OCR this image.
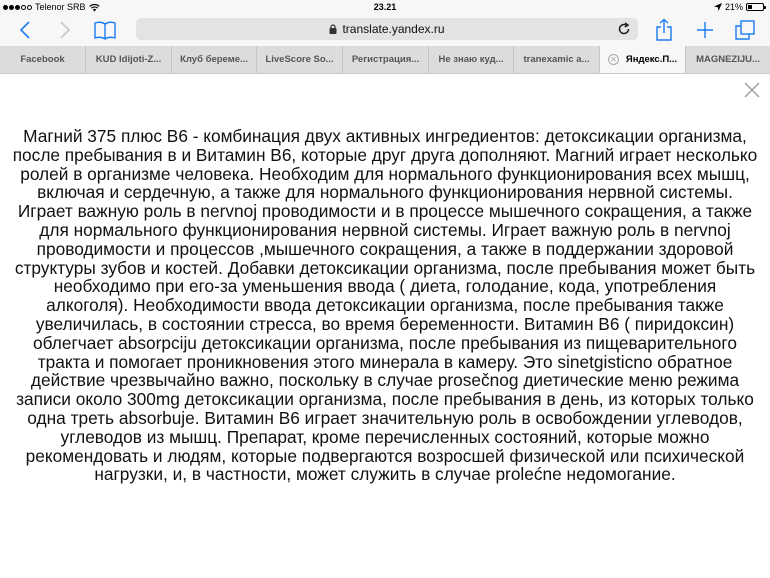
Telenor SRB	23.21	21%
translate.yandex.ru
Facebook	KUD Idijoti-Z... Клуб береме... LiveScore So... Регистрация... Не знаю куд... tranexamic a...	✕ Яндекс.П... MAGNEZIJU...

Магний 375 плюс B6 - комбинация двух активных ингредиентов: детоксикации организма, после пребывания в и Витамин B6, которые друг друга дополняют. Магний играет несколько ролей в организме человека. Необходим для нормального функционирования всех мышц, включая и сердечную, а также для нормального функционирования нервной системы. Играет важную роль в nervnoj проводимости и в процессе мышечного сокращения, а также для нормального функционирования нервной системы. Играет важную роль в nervnoj проводимости и процессов ,мышечного сокращения, а также в поддержании здоровой структуры зубов и костей. Добавки детоксикации организма, после пребывания может быть необходимо при его-за уменьшения ввода ( диета, голодание, кода, употребления алкоголя). Необходимости ввода детоксикации организма, после пребывания также увеличилась, в состоянии стресса, во время беременности. Витамин B6 ( пиридоксин) облегчает absorpciju детоксикации организма, после пребывания из пищеварительного тракта и помогает проникновения этого минерала в камеру. Это sinetgisticno обратное действие чрезвычайно важно, поскольку в случае prosečnog диетические меню режима записи около 300mg детоксикации организма, после пребывания в день, из которых только одна треть absorbuje. Витамин B6 играет значительную роль в освобождении углеводов, углеводов из мышц. Препарат, кроме перечисленных состояний, которые можно рекомендовать и людям, которые подвергаются возросшей физической или психической нагрузки, и, в частности, может служить в случае prolećne недомогание.
